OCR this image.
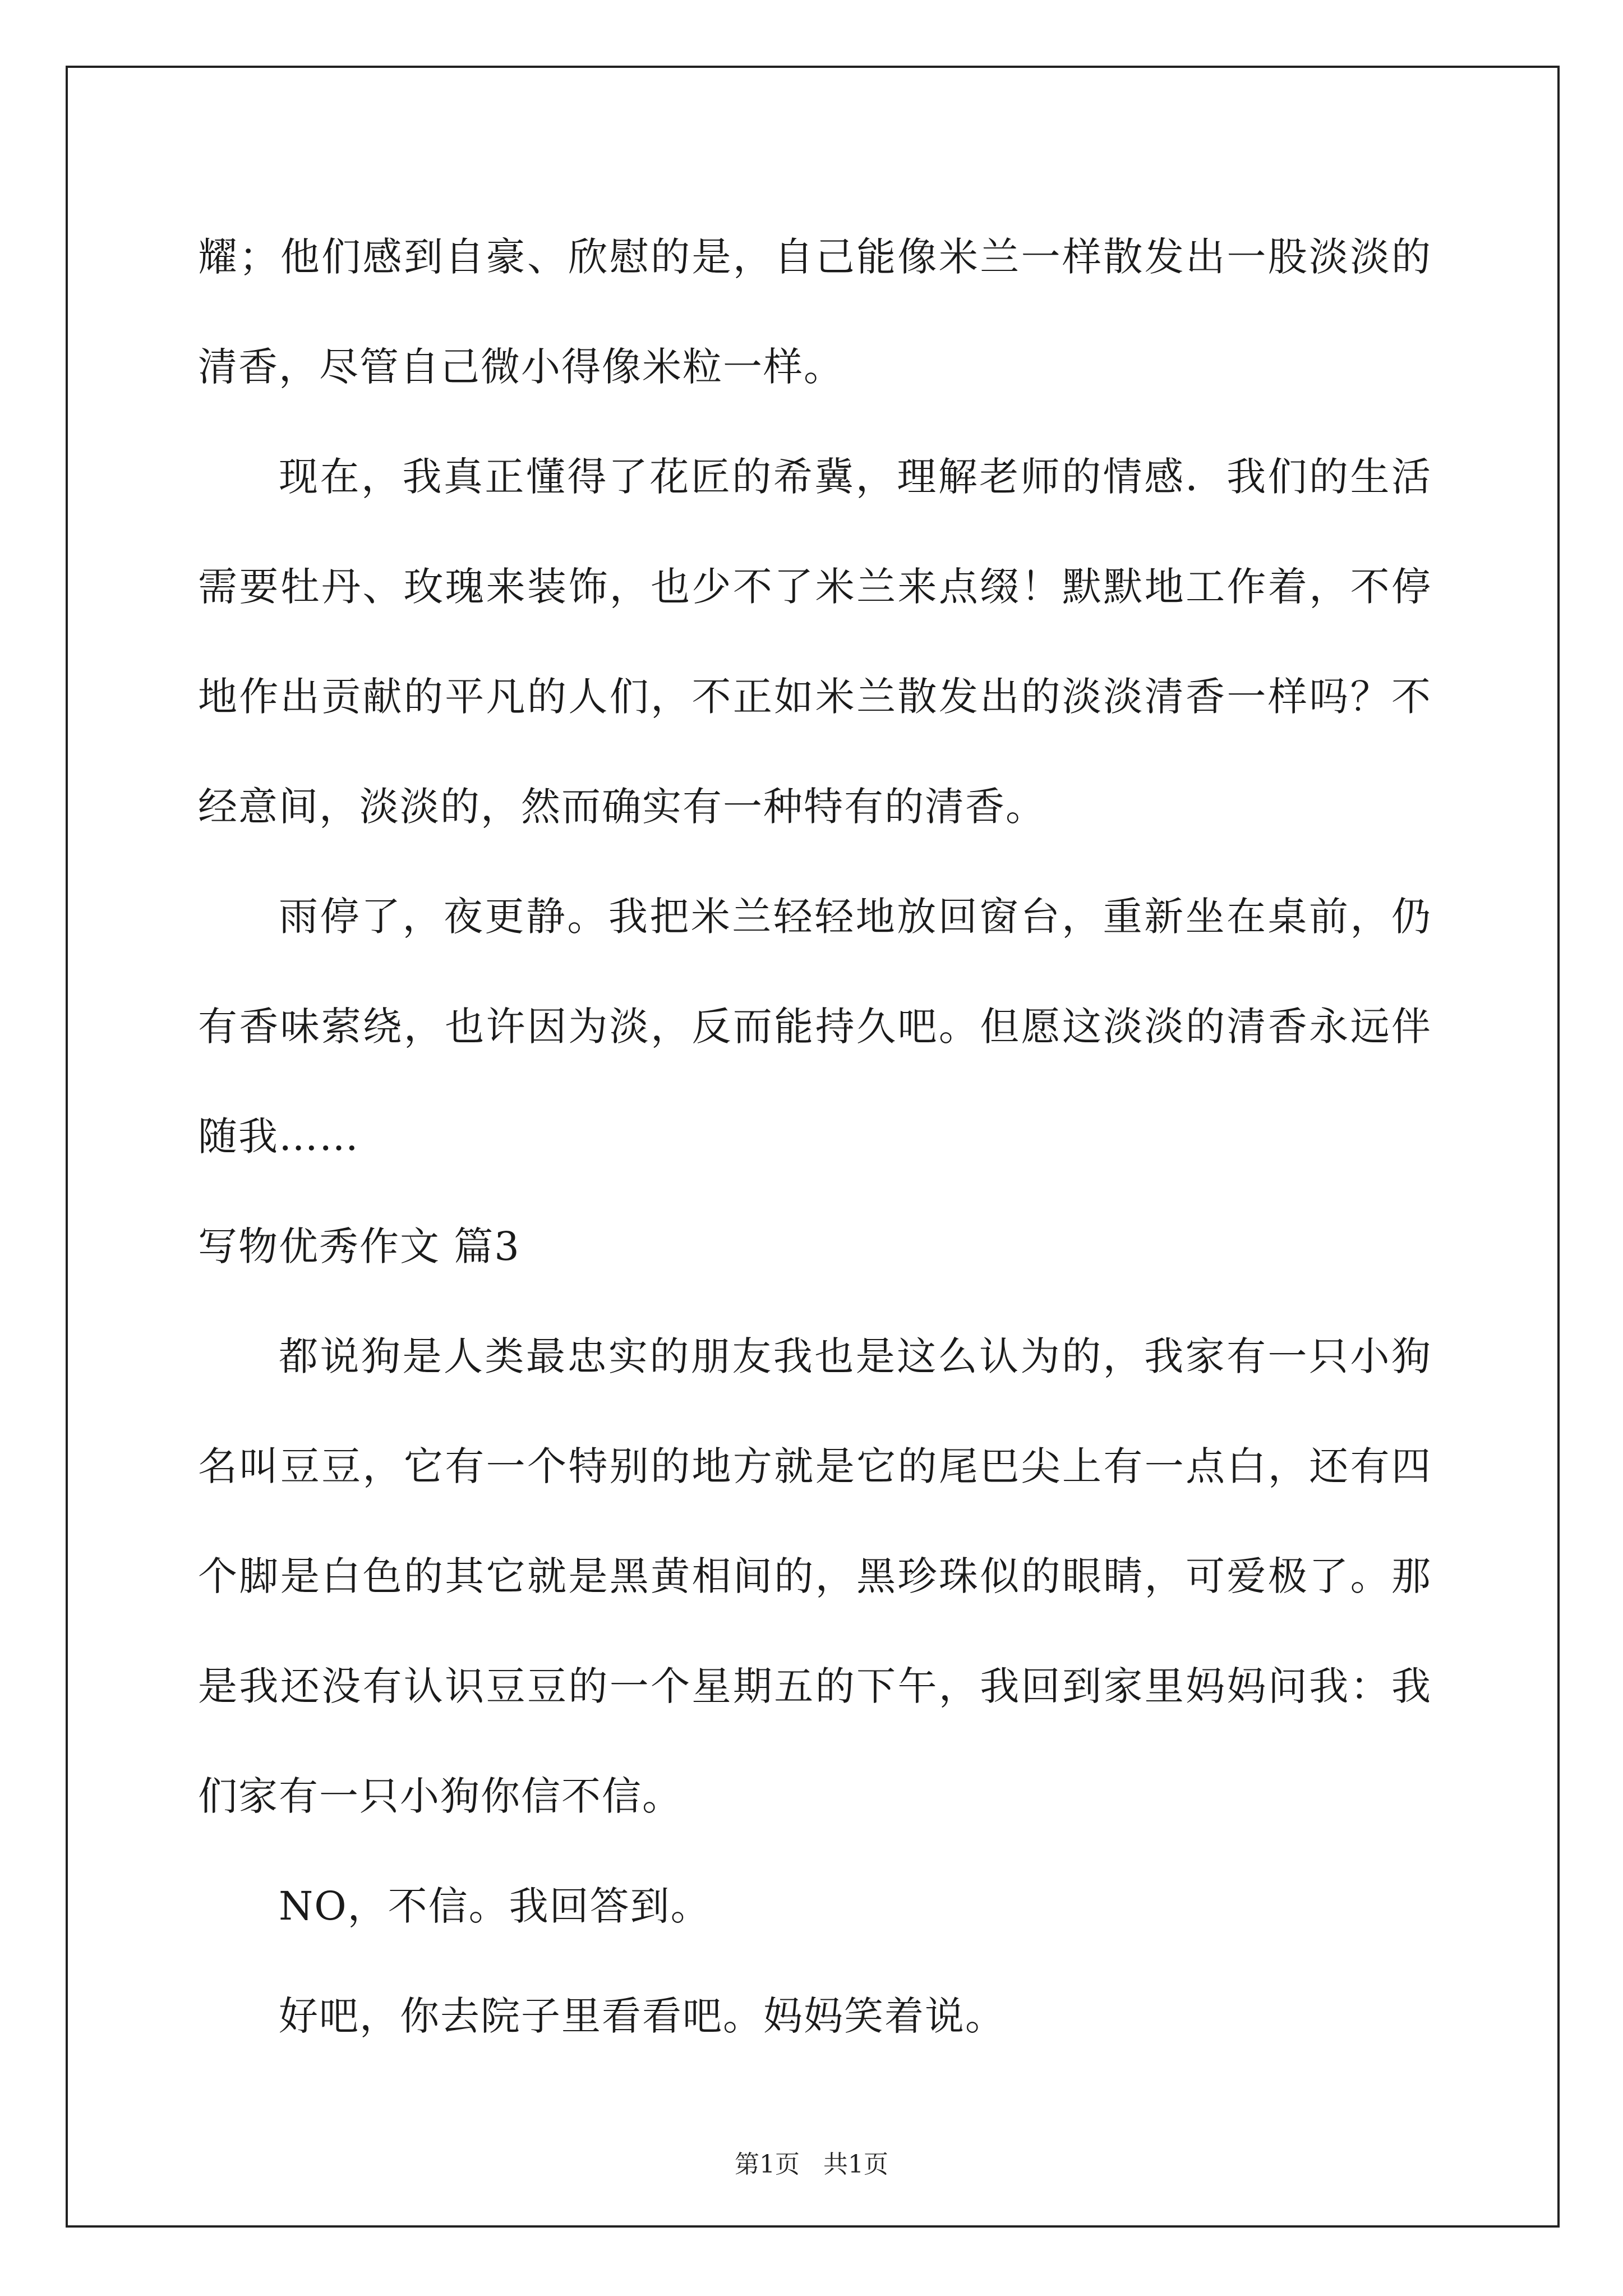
耀；他们感到自豪、欣慰的是，自己能像米兰一样散发出一股淡淡的清香，尽管自己微小得像米粒一样。

现在，我真正懂得了花匠的希冀，理解老师的情感．我们的生活需要牡丹、玫瑰来装饰，也少不了米兰来点缀！默默地工作着，不停地作出贡献的平凡的人们，不正如米兰散发出的淡淡清香一样吗？不经意间，淡淡的，然而确实有一种特有的清香。

雨停了，夜更静。我把米兰轻轻地放回窗台，重新坐在桌前，仍有香味萦绕，也许因为淡，反而能持久吧。但愿这淡淡的清香永远伴随我……

写物优秀作文 篇3

都说狗是人类最忠实的朋友我也是这么认为的，我家有一只小狗名叫豆豆，它有一个特别的地方就是它的尾巴尖上有一点白，还有四个脚是白色的其它就是黑黄相间的，黑珍珠似的眼睛，可爱极了。那是我还没有认识豆豆的一个星期五的下午，我回到家里妈妈问我：我们家有一只小狗你信不信。

NO，不信。我回答到。

好吧，你去院子里看看吧。妈妈笑着说。

第1页 共1页
